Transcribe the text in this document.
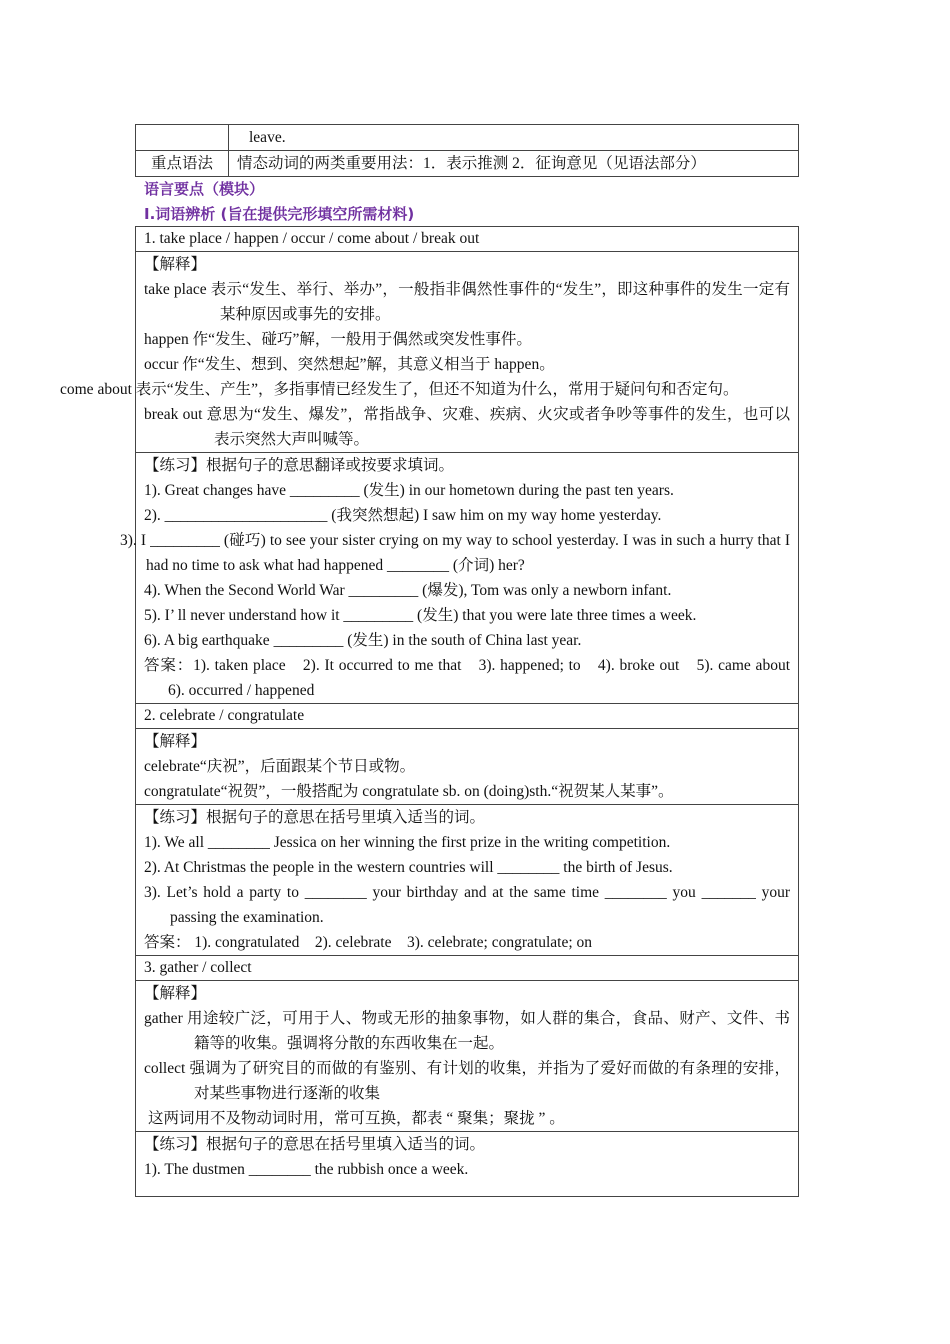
	leave.
重点语法	情态动词的两类重要用法：1．表示推测 2．征询意见（见语法部分）
语言要点（模块）
I.词语辨析 (旨在提供完形填空所需材料)
1. take place / happen / occur / come about / break out

【解释】
take place 表示“发生、举行、举办”，一般指非偶然性事件的“发生”，即这种事件的发生一定有某种原因或事先的安排。
happen 作“发生、碰巧”解，一般用于偶然或突发性事件。
occur 作“发生、想到、突然想起”解，其意义相当于 happen。
come about 表示“发生、产生”，多指事情已经发生了，但还不知道为什么，常用于疑问句和否定句。
break out 意思为“发生、爆发”，常指战争、灾难、疾病、火灾或者争吵等事件的发生，也可以表示突然大声叫喊等。

【练习】根据句子的意思翻译或按要求填词。
1). Great changes have _________ (发生) in our hometown during the past ten years.
2). _____________________ (我突然想起) I saw him on my way home yesterday.
3). I _________ (碰巧) to see your sister crying on my way to school yesterday. I was in such a hurry that I had no time to ask what had happened ________ (介词) her?
4). When the Second World War _________ (爆发), Tom was only a newborn infant.
5). I’ ll never understand how it _________ (发生) that you were late three times a week.
6). A big earthquake _________ (发生) in the south of China last year.
答案：1). taken place　2). It occurred to me that　3). happened; to　4). broke out　5). came about　6). occurred / happened

2. celebrate / congratulate

【解释】
celebrate“庆祝”，后面跟某个节日或物。
congratulate“祝贺”，一般搭配为 congratulate sb. on (doing)sth.“祝贺某人某事”。

【练习】根据句子的意思在括号里填入适当的词。
1). We all ________ Jessica on her winning the first prize in the writing competition.
2). At Christmas the people in the western countries will ________ the birth of Jesus.
3). Let’s hold a party to ________ your birthday and at the same time ________ you _______ your passing the examination.
答案： 1). congratulated　2). celebrate　3). celebrate; congratulate; on

3. gather / collect

【解释】
gather 用途较广泛，可用于人、物或无形的抽象事物，如人群的集合，食品、财产、文件、书籍等的收集。强调将分散的东西收集在一起。
collect 强调为了研究目的而做的有鉴别、有计划的收集，并指为了爱好而做的有条理的安排，对某些事物进行逐渐的收集
这两词用不及物动词时用，常可互换，都表 “ 聚集；聚拢 ” 。

【练习】根据句子的意思在括号里填入适当的词。
1). The dustmen ________ the rubbish once a week.
